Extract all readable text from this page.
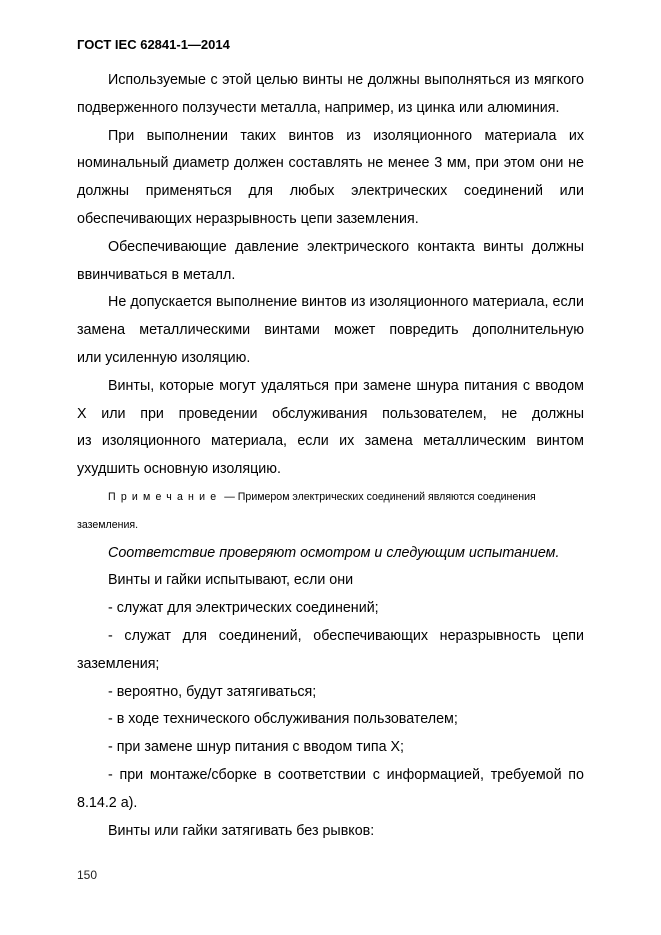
ГОСТ IEC 62841-1—2014
Используемые с этой целью винты не должны выполняться из мягкого
подверженного ползучести металла, например, из цинка или алюминия.
При выполнении таких винтов из изоляционного материала их
номинальный диаметр должен составлять не менее 3 мм, при этом они не
должны применяться для любых электрических соединений или
обеспечивающих неразрывность цепи заземления.
Обеспечивающие давление электрического контакта винты должны
ввинчиваться в металл.
Не допускается выполнение винтов из изоляционного материала, если
замена металлическими винтами может повредить дополнительную
или усиленную изоляцию.
Винты, которые могут удаляться при замене шнура питания с вводом
X или при проведении обслуживания пользователем, не должны
из изоляционного материала, если их замена металлическим винтом
ухудшить основную изоляцию.
Примечание — Примером электрических соединений являются соединения
заземления.
Соответствие проверяют осмотром и следующим испытанием.
Винты и гайки испытывают, если они
- служат для электрических соединений;
- служат для соединений, обеспечивающих неразрывность цепи
заземления;
- вероятно, будут затягиваться;
- в ходе технического обслуживания пользователем;
- при замене шнур питания с вводом типа X;
- при монтаже/сборке в соответствии с информацией, требуемой по
8.14.2 a).
Винты или гайки затягивать без рывков:
150
